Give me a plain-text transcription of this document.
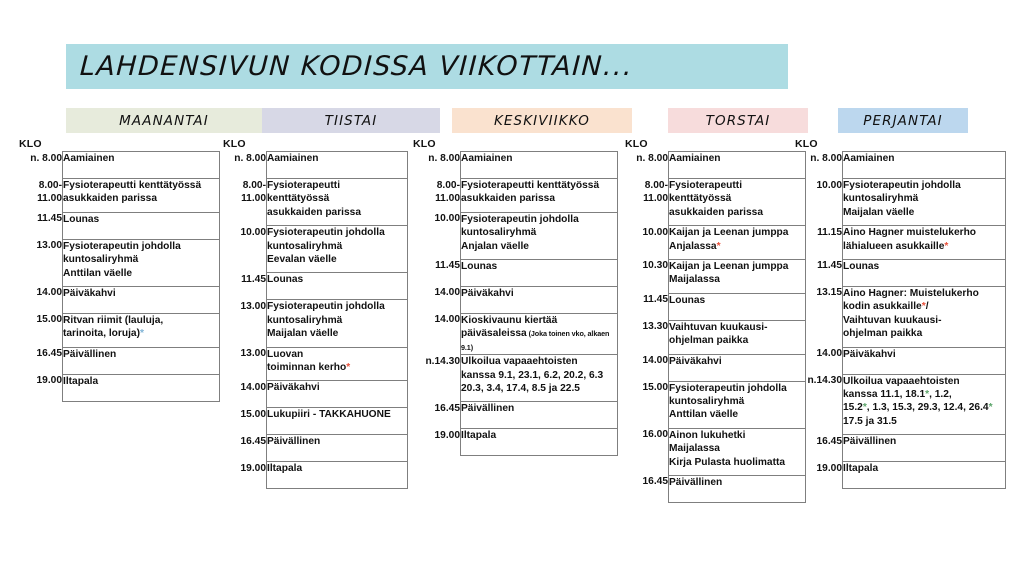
LAHDENSIVUN KODISSA VIIKOTTAIN...
MAANANTAI	TIISTAI	KESKIVIIKKO	TORSTAI	PERJANTAI
KLO
n. 8.00	Aamiainen

8.00-
11.00	Fysioterapeutti kenttätyössä
asukkaiden parissa

11.45	Lounas

13.00	Fysioterapeutin johdolla
kuntosaliryhmä
Anttilan väelle

14.00	Päiväkahvi

15.00	Ritvan riimit (lauluja,
tarinoita, loruja)*

16.45	Päivällinen

19.00	Iltapala
KLO
n. 8.00	Aamiainen

8.00-
11.00	Fysioterapeutti
kenttätyössä
asukkaiden parissa

10.00	Fysioterapeutin johdolla
kuntosaliryhmä
Eevalan väelle

11.45	Lounas

13.00	Fysioterapeutin johdolla
kuntosaliryhmä
Maijalan väelle

13.00	Luovan
toiminnan kerho*

14.00	Päiväkahvi

15.00	Lukupiiri - TAKKAHUONE

16.45	Päivällinen

19.00	Iltapala
KLO
n. 8.00	Aamiainen

8.00-
11.00	Fysioterapeutti kenttätyössä
asukkaiden parissa

10.00	Fysioterapeutin johdolla
kuntosaliryhmä
Anjalan väelle

11.45	Lounas

14.00	Päiväkahvi

14.00	Kioskivaunu kiertää
päiväsaleissa (Joka toinen vko, alkaen 9.1)

n.14.30	Ulkoilua vapaaehtoisten
kanssa 9.1, 23.1, 6.2, 20.2, 6.3
20.3, 3.4, 17.4, 8.5 ja 22.5

16.45	Päivällinen

19.00	Iltapala
KLO
n. 8.00	Aamiainen

8.00-
11.00	Fysioterapeutti
kenttätyössä
asukkaiden parissa

10.00	Kaijan ja Leenan jumppa
Anjalassa*

10.30	Kaijan ja Leenan jumppa
Maijalassa

11.45	Lounas

13.30	Vaihtuvan kuukausi-
ohjelman paikka

14.00	Päiväkahvi

15.00	Fysioterapeutin johdolla
kuntosaliryhmä
Anttilan väelle

16.00	Ainon lukuhetki
Maijalassa
Kirja Pulasta huolimatta

16.45	Päivällinen
KLO
n. 8.00	Aamiainen

10.00	Fysioterapeutin johdolla
kuntosaliryhmä
Maijalan väelle

11.15	Aino Hagner muistelukerho
lähialueen asukkaille*

11.45	Lounas

13.15	Aino Hagner: Muistelukerho
kodin asukkaille*/
Vaihtuvan kuukausi-
ohjelman paikka

14.00	Päiväkahvi

n.14.30	Ulkoilua vapaaehtoisten
kanssa 11.1, 18.1*, 1.2,
15.2*, 1.3, 15.3, 29.3, 12.4, 26.4*
17.5 ja 31.5

16.45	Päivällinen

19.00	Iltapala
